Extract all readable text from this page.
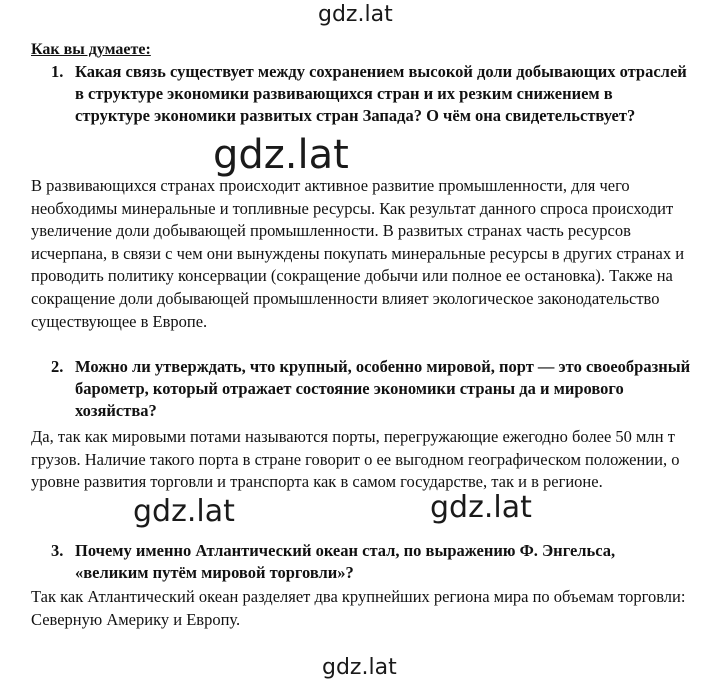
gdz.lat
Как вы думаете:
1. Какая связь существует между сохранением высокой доли добывающих отраслей в структуре экономики развивающихся стран и их резким снижением в структуре экономики развитых стран Запада? О чём она свидетельствует?
В развивающихся странах происходит активное развитие промышленности, для чего необходимы минеральные и топливные ресурсы. Как результат данного спроса происходит увеличение доли добывающей промышленности. В развитых странах часть ресурсов исчерпана, в связи с чем они вынуждены покупать минеральные ресурсы в других странах и проводить политику консервации (сокращение добычи или полное ее остановка). Также на сокращение доли добывающей промышленности влияет экологическое законодательство существующее в Европе.
2. Можно ли утверждать, что крупный, особенно мировой, порт — это своеобразный барометр, который отражает состояние экономики страны да и мирового хозяйства?
Да, так как мировыми потами называются порты, перегружающие ежегодно более 50 млн т грузов. Наличие такого порта в стране говорит о ее выгодном географическом положении, о уровне развития торговли и транспорта как в самом государстве, так и в регионе.
3. Почему именно Атлантический океан стал, по выражению Ф. Энгельса, «великим путём мировой торговли»?
Так как Атлантический океан разделяет два крупнейших региона мира по объемам торговли: Северную Америку и Европу.
gdz.lat
gdz.lat	gdz.lat
gdz.lat
